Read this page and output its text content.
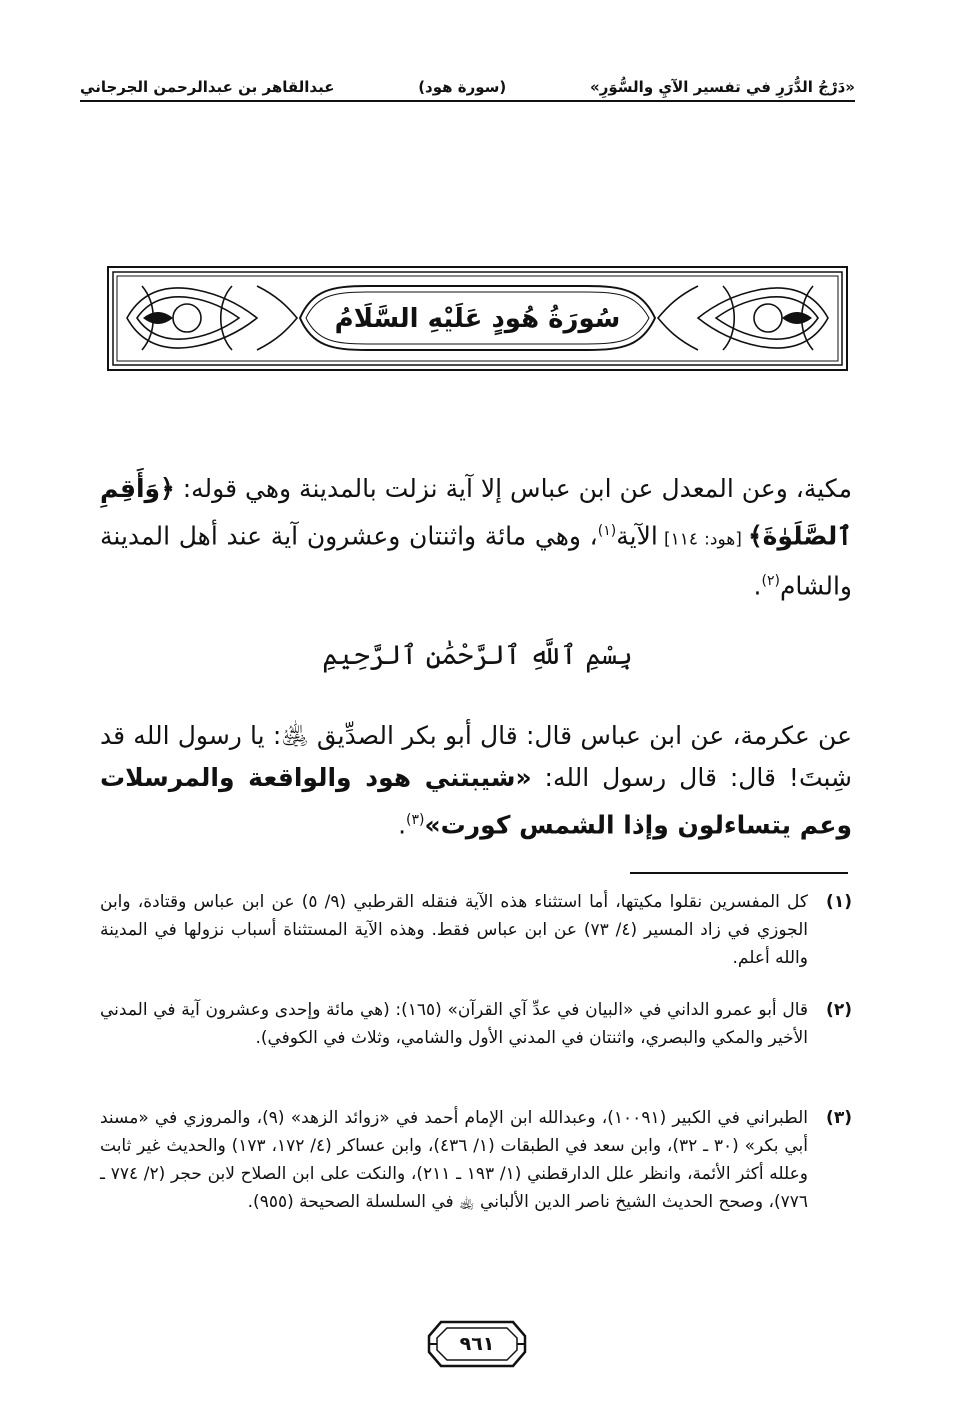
«دَرْجُ الدُّرَرِ في تفسير الآيِ والسُّوَرِ»
(سورة هود)
عبدالقاهر بن عبدالرحمن الجرجاني
سُورَةُ هُودٍ عَلَيْهِ السَّلَامُ
مكية، وعن المعدل عن ابن عباس إلا آية نزلت بالمدينة وهي قوله: ﴿وَأَقِمِ ٱلصَّلَوٰةَ﴾ [هود: ١١٤] الآية$^{(١)}$، وهي مائة واثنتان وعشرون آية عند أهل المدينة والشام$^{(٢)}$.
بِسْمِ ٱللَّهِ ٱلرَّحْمَٰنِ ٱلرَّحِيمِ
عن عكرمة، عن ابن عباس قال: قال أبو بكر الصدِّيق ﵁: يا رسول الله قد شِبتَ! قال: قال رسول الله: «شيبتني هود والواقعة والمرسلات وعم يتساءلون وإذا الشمس كورت»$^{(٣)}$.
(١)
كل المفسرين نقلوا مكيتها، أما استثناء هذه الآية فنقله القرطبي (٩/ ٥) عن ابن عباس وقتادة، وابن الجوزي في زاد المسير (٤/ ٧٣) عن ابن عباس فقط. وهذه الآية المستثناة أسباب نزولها في المدينة والله أعلم.
(٢)
قال أبو عمرو الداني في «البيان في عدِّ آي القرآن» (١٦٥): (هي مائة وإحدى وعشرون آية في المدني الأخير والمكي والبصري، واثنتان في المدني الأول والشامي، وثلاث في الكوفي).
(٣)
الطبراني في الكبير (١٠٠٩١)، وعبدالله ابن الإمام أحمد في «زوائد الزهد» (٩)، والمروزي في «مسند أبي بكر» (٣٠ ـ ٣٢)، وابن سعد في الطبقات (١/ ٤٣٦)، وابن عساكر (٤/ ١٧٢، ١٧٣) والحديث غير ثابت وعلله أكثر الأئمة، وانظر علل الدارقطني (١/ ١٩٣ ـ ٢١١)، والنكت على ابن الصلاح لابن حجر (٢/ ٧٧٤ ـ ٧٧٦)، وصحح الحديث الشيخ ناصر الدين الألباني ﵀ في السلسلة الصحيحة (٩٥٥).
٩٦١
